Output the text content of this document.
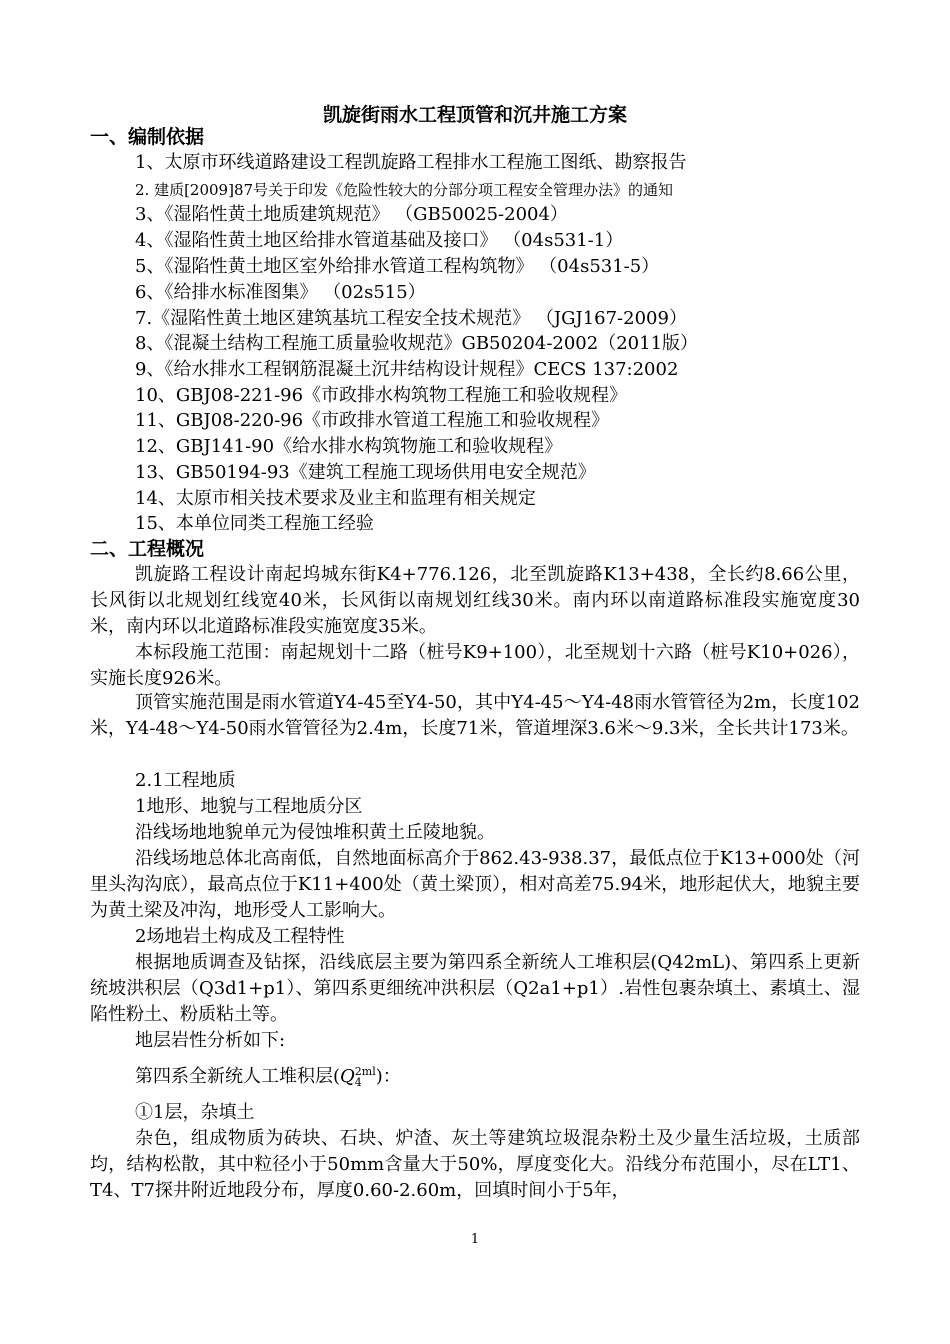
凯旋街雨水工程顶管和沉井施工方案
一、编制依据
1、太原市环线道路建设工程凯旋路工程排水工程施工图纸、勘察报告
2. 建质[2009]87号关于印发《危险性较大的分部分项工程安全管理办法》的通知
3、《湿陷性黄土地质建筑规范》 （GB50025-2004）
4、《湿陷性黄土地区给排水管道基础及接口》 （04s531-1）
5、《湿陷性黄土地区室外给排水管道工程构筑物》 （04s531-5）
6、《给排水标准图集》 （02s515）
7.《湿陷性黄土地区建筑基坑工程安全技术规范》 （JGJ167-2009）
8、《混凝土结构工程施工质量验收规范》GB50204-2002（2011版）
9、《给水排水工程钢筋混凝土沉井结构设计规程》CECS 137:2002
10、GBJ08-221-96《市政排水构筑物工程施工和验收规程》
11、GBJ08-220-96《市政排水管道工程施工和验收规程》
12、GBJ141-90《给水排水构筑物施工和验收规程》
13、GB50194-93《建筑工程施工现场供用电安全规范》
14、太原市相关技术要求及业主和监理有相关规定
15、本单位同类工程施工经验
二、工程概况
凯旋路工程设计南起坞城东街K4+776.126，北至凯旋路K13+438，全长约8.66公里，长风街以北规划红线宽40米，长风街以南规划红线30米。南内环以南道路标准段实施宽度30米，南内环以北道路标准段实施宽度35米。
本标段施工范围：南起规划十二路（桩号K9+100），北至规划十六路（桩号K10+026），实施长度926米。
顶管实施范围是雨水管道Y4-45至Y4-50，其中Y4-45～Y4-48雨水管管径为2m，长度102米，Y4-48～Y4-50雨水管管径为2.4m，长度71米，管道埋深3.6米～9.3米，全长共计173米。
2.1工程地质
1地形、地貌与工程地质分区
沿线场地地貌单元为侵蚀堆积黄土丘陵地貌。
沿线场地总体北高南低，自然地面标高介于862.43-938.37，最低点位于K13+000处（河里头沟沟底），最高点位于K11+400处（黄土梁顶），相对高差75.94米，地形起伏大，地貌主要为黄土梁及冲沟，地形受人工影响大。
2场地岩土构成及工程特性
根据地质调查及钻探，沿线底层主要为第四系全新统人工堆积层(Q42mL)、第四系上更新统坡洪积层（Q3d1+p1）、第四系更细统冲洪积层（Q2a1+p1）.岩性包裹杂填土、素填土、湿陷性粉土、粉质粘土等。
地层岩性分析如下:
第四系全新统人工堆积层(Q 2ml
4 )：
①1层，杂填土
杂色，组成物质为砖块、石块、炉渣、灰土等建筑垃圾混杂粉土及少量生活垃圾，土质部均，结构松散，其中粒径小于50mm含量大于50%，厚度变化大。沿线分布范围小，尽在LT1、T4、T7探井附近地段分布，厚度0.60-2.60m，回填时间小于5年，
1
